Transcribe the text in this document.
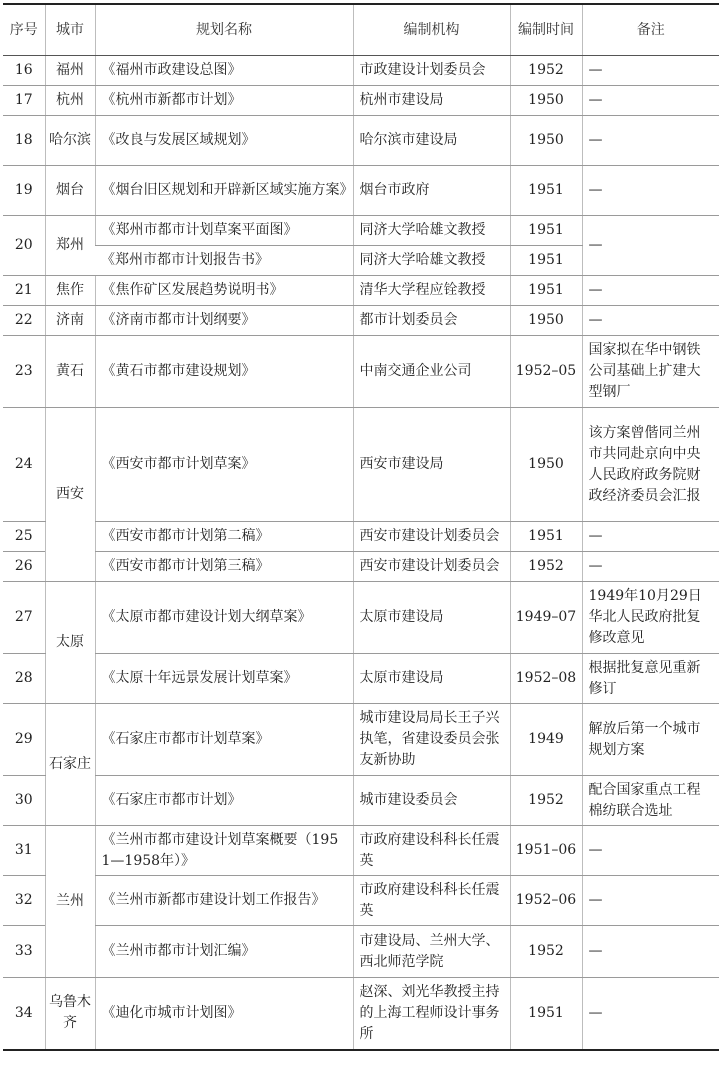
序号	城市	规划名称	编制机构	编制时间	备注
16	福州	《福州市政建设总图》	市政建设计划委员会	1952	—
17	杭州	《杭州市新都市计划》	杭州市建设局	1950	—
18	哈尔滨	《改良与发展区域规划》	哈尔滨市建设局	1950	—
19	烟台	《烟台旧区规划和开辟新区域实施方案》	烟台市政府	1951	—
20	郑州	《郑州市都市计划草案平面图》	同济大学哈雄文教授	1951	—
		《郑州市都市计划报告书》	同济大学哈雄文教授	1951	
21	焦作	《焦作矿区发展趋势说明书》	清华大学程应铨教授	1951	—
22	济南	《济南市都市计划纲要》	都市计划委员会	1950	—
23	黄石	《黄石市都市建设规划》	中南交通企业公司	1952–05	国家拟在华中钢铁公司基础上扩建大型钢厂
24	西安	《西安市都市计划草案》	西安市建设局	1950	该方案曾偕同兰州市共同赴京向中央人民政府政务院财政经济委员会汇报
25		《西安市都市计划第二稿》	西安市建设计划委员会	1951	—
26		《西安市都市计划第三稿》	西安市建设计划委员会	1952	—
27	太原	《太原市都市建设计划大纲草案》	太原市建设局	1949–07	1949年10月29日华北人民政府批复修改意见
28		《太原十年远景发展计划草案》	太原市建设局	1952–08	根据批复意见重新修订
29	石家庄	《石家庄市都市计划草案》	城市建设局局长王子兴执笔，省建设委员会张友新协助	1949	解放后第一个城市规划方案
30		《石家庄市都市计划》	城市建设委员会	1952	配合国家重点工程棉纺联合选址
31	兰州	《兰州市都市建设计划草案概要（1951—1958年）》	市政府建设科科长任震英	1951–06	—
32		《兰州市新都市建设计划工作报告》	市政府建设科科长任震英	1952–06	—
33		《兰州市都市计划汇编》	市建设局、兰州大学、西北师范学院	1952	—
34	乌鲁木齐	《迪化市城市计划图》	赵深、刘光华教授主持的上海工程师设计事务所	1951	—
